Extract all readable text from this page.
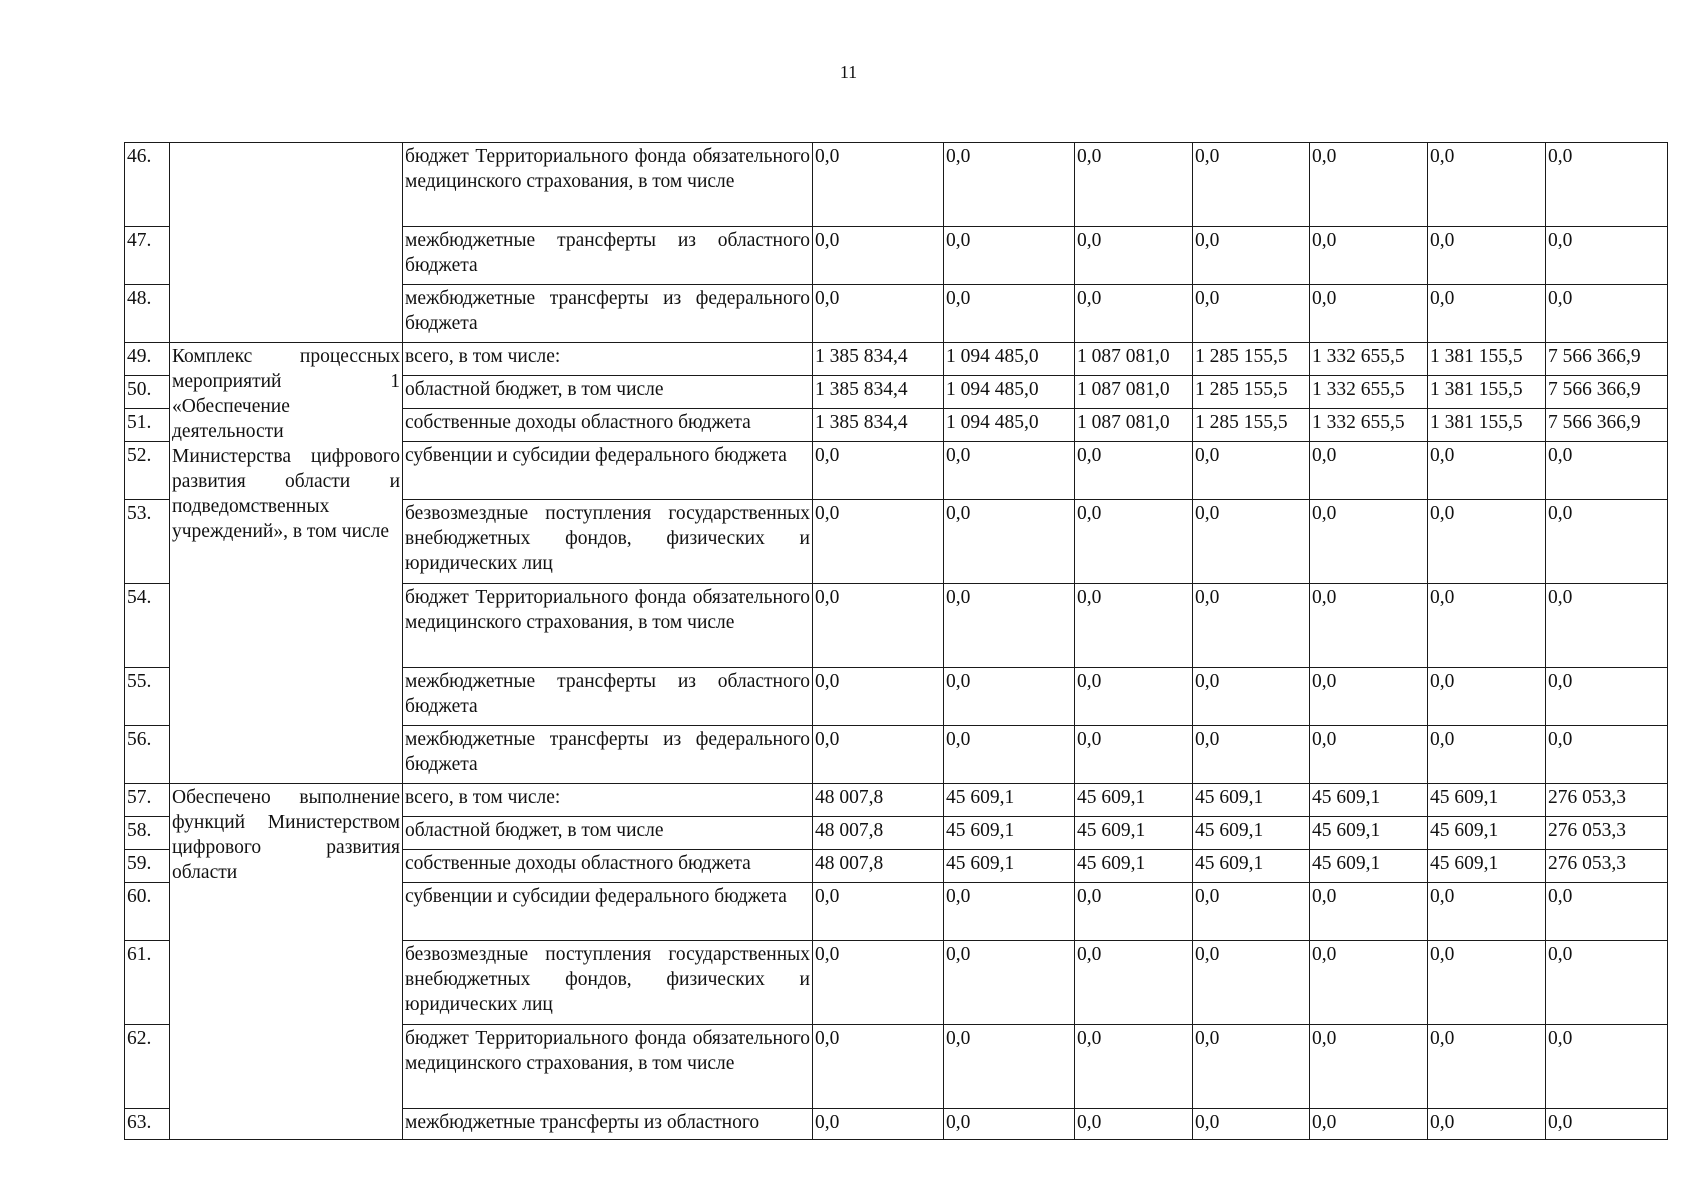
11
46.		бюджет Территориального фонда обязательного медицинского страхования, в том числе	0,0	0,0	0,0	0,0	0,0	0,0	0,0
47.		межбюджетные трансферты из областного бюджета	0,0	0,0	0,0	0,0	0,0	0,0	0,0
48.		межбюджетные трансферты из федерального бюджета	0,0	0,0	0,0	0,0	0,0	0,0	0,0
49.	Комплекс процессных мероприятий 1 «Обеспечение деятельности Министерства цифрового развития области и подведомственных учреждений», в том числе	всего, в том числе:	1 385 834,4	1 094 485,0	1 087 081,0	1 285 155,5	1 332 655,5	1 381 155,5	7 566 366,9
50.		областной бюджет, в том числе	1 385 834,4	1 094 485,0	1 087 081,0	1 285 155,5	1 332 655,5	1 381 155,5	7 566 366,9
51.		собственные доходы областного бюджета	1 385 834,4	1 094 485,0	1 087 081,0	1 285 155,5	1 332 655,5	1 381 155,5	7 566 366,9
52.		субвенции и субсидии федерального бюджета	0,0	0,0	0,0	0,0	0,0	0,0	0,0
53.		безвозмездные поступления государственных внебюджетных фондов, физических и юридических лиц	0,0	0,0	0,0	0,0	0,0	0,0	0,0
54.		бюджет Территориального фонда обязательного медицинского страхования, в том числе	0,0	0,0	0,0	0,0	0,0	0,0	0,0
55.		межбюджетные трансферты из областного бюджета	0,0	0,0	0,0	0,0	0,0	0,0	0,0
56.		межбюджетные трансферты из федерального бюджета	0,0	0,0	0,0	0,0	0,0	0,0	0,0
57.	Обеспечено выполнение функций Министерством цифрового развития области	всего, в том числе:	48 007,8	45 609,1	45 609,1	45 609,1	45 609,1	45 609,1	276 053,3
58.		областной бюджет, в том числе	48 007,8	45 609,1	45 609,1	45 609,1	45 609,1	45 609,1	276 053,3
59.		собственные доходы областного бюджета	48 007,8	45 609,1	45 609,1	45 609,1	45 609,1	45 609,1	276 053,3
60.		субвенции и субсидии федерального бюджета	0,0	0,0	0,0	0,0	0,0	0,0	0,0
61.		безвозмездные поступления государственных внебюджетных фондов, физических и юридических лиц	0,0	0,0	0,0	0,0	0,0	0,0	0,0
62.		бюджет Территориального фонда обязательного медицинского страхования, в том числе	0,0	0,0	0,0	0,0	0,0	0,0	0,0
63.		межбюджетные трансферты из областного	0,0	0,0	0,0	0,0	0,0	0,0	0,0
